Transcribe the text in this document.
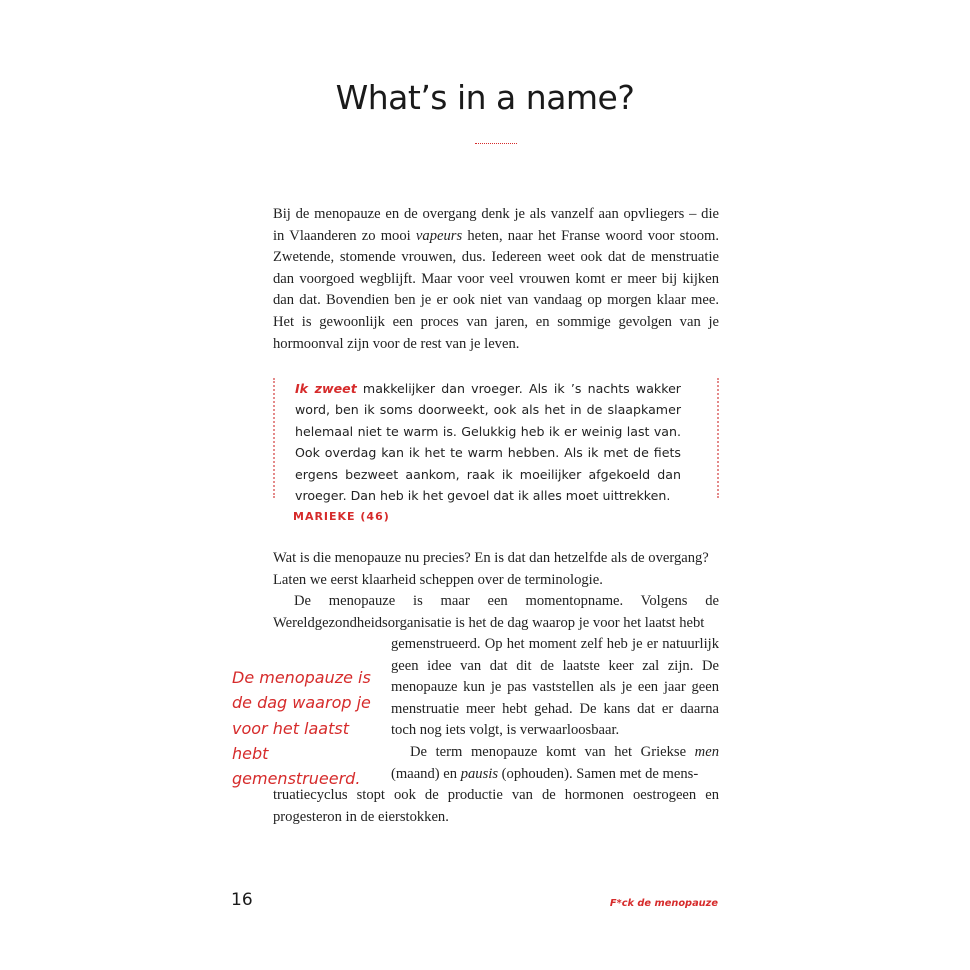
What’s in a name?

Bij de menopauze en de overgang denk je als vanzelf aan opvliegers – die in Vlaanderen zo mooi vapeurs heten, naar het Franse woord voor stoom. Zwetende, stomende vrouwen, dus. Iedereen weet ook dat de menstruatie dan voorgoed wegblijft. Maar voor veel vrouwen komt er meer bij kijken dan dat. Bovendien ben je er ook niet van vandaag op morgen klaar mee. Het is gewoonlijk een proces van jaren, en sommige gevolgen van je hormoonval zijn voor de rest van je leven.

Ik zweet makkelijker dan vroeger. Als ik ’s nachts wakker word, ben ik soms doorweekt, ook als het in de slaapkamer helemaal niet te warm is. Gelukkig heb ik er weinig last van. Ook overdag kan ik het te warm hebben. Als ik met de fiets ergens bezweet aankom, raak ik moeilijker afgekoeld dan vroeger. Dan heb ik het gevoel dat ik alles moet uittrekken.

MARIEKE (46)

Wat is die menopauze nu precies? En is dat dan hetzelfde als de overgang? Laten we eerst klaarheid scheppen over de terminologie.

De menopauze is maar een momentopname. Volgens de Wereldgezondheidsorganisatie is het de dag waarop je voor het laatst hebt

gemenstrueerd. Op het moment zelf heb je er natuurlijk geen idee van dat dit de laatste keer zal zijn. De menopauze kun je pas vaststellen als je een jaar geen menstruatie meer hebt gehad. De kans dat er daarna toch nog iets volgt, is verwaarloosbaar.

De term menopauze komt van het Griekse men (maand) en pausis (ophouden). Samen met de mens-

truatiecyclus stopt ook de productie van de hormonen oestrogeen en progesteron in de eierstokken.

De menopauze is de dag waarop je voor het laatst hebt gemenstrueerd.

16	F*ck de menopauze
